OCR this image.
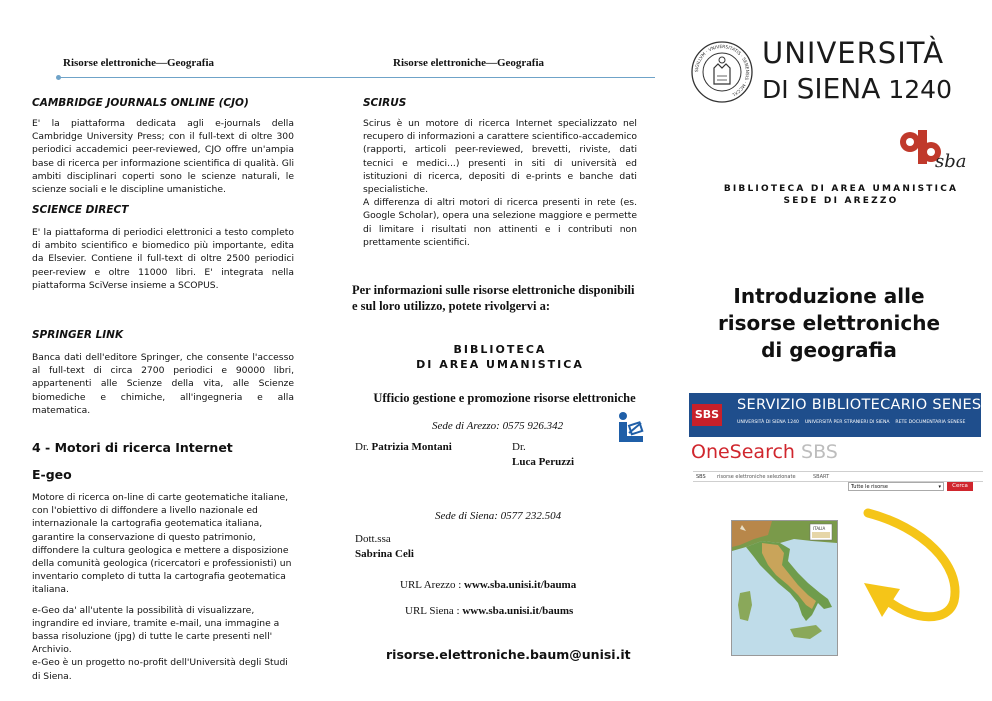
Risorse elettroniche—Geografia	Risorse elettroniche—Geografia
CAMBRIDGE JOURNALS ONLINE (CJO)
E' la piattaforma dedicata agli e-journals della Cambridge University Press; con il full-text di oltre 300 periodici accademici peer-reviewed, CJO offre un'ampia base di ricerca per informazione scientifica di qualità. Gli ambiti disciplinari coperti sono le scienze naturali, le scienze sociali e le discipline umanistiche.
SCIENCE DIRECT
E' la piattaforma di periodici elettronici a testo completo di ambito scientifico e biomedico più importante, edita da Elsevier. Contiene il full-text di oltre 2500 periodici peer-review e oltre 11000 libri. E' integrata nella piattaforma SciVerse insieme a SCOPUS.
SPRINGER LINK
Banca dati dell'editore Springer, che consente l'accesso al full-text di circa 2700 periodici e 90000 libri, appartenenti alle Scienze della vita, alle Scienze biomediche e chimiche, all'ingegneria e alla matematica.
4 - Motori di ricerca Internet
E-geo
Motore di ricerca on-line di carte geotematiche italiane, con l'obiettivo di diffondere a livello nazionale ed internazionale la cartografia geotematica italiana, garantire la conservazione di questo patrimonio, diffondere la cultura geologica e mettere a disposizione della comunità geologica (ricercatori e professionisti) un inventario completo di tutta la cartografia geotematica italiana.
e-Geo da' all'utente la possibilità di visualizzare, ingrandire ed inviare, tramite e-mail, una immagine a bassa risoluzione (jpg) di tutte le carte presenti nell' Archivio.
e-Geo è un progetto no-profit dell'Università degli Studi di Siena.
SCIRUS
Scirus è un motore di ricerca Internet specializzato nel recupero di informazioni a carattere scientifico-accademico (rapporti, articoli peer-reviewed, brevetti, riviste, dati tecnici e medici...) presenti in siti di università ed istituzioni di ricerca, depositi di e-prints e banche dati specialistiche.
A differenza di altri motori di ricerca presenti in rete (es. Google Scholar), opera una selezione maggiore e permette di limitare i risultati non attinenti e i contributi non prettamente scientifici.
Per informazioni sulle risorse elettroniche disponibili e sul loro utilizzo, potete rivolgervi a:
BIBLIOTECA
DI AREA UMANISTICA
Ufficio gestione e promozione risorse elettroniche
Sede di Arezzo: 0575 926.342
Dr. Patrizia Montani	Dr.
Luca Peruzzi
Sede di Siena: 0577 232.504
Dott.ssa
Sabrina Celi
URL Arezzo : www.sba.unisi.it/bauma
URL Siena : www.sba.unisi.it/baums
risorse.elettroniche.baum@unisi.it
SIGILLVM · VNIVERSITATIS · SENENSIS · MCCXL
UNIVERSITÀ
DI SIENA 1240
sba
BIBLIOTECA DI AREA UMANISTICA
SEDE DI AREZZO
Introduzione alle
risorse elettroniche
di geografia
SBS
SERVIZIO BIBLIOTECARIO SENESE
UNIVERSITÀ DI SIENA 1240 UNIVERSITÀ PER STRANIERI DI SIENA RETE DOCUMENTARIA SENESE
OneSearch SBS
SBS risorse elettroniche selezionate	SBART
Tutte le risorse	▾	Cerca
ITALIA
